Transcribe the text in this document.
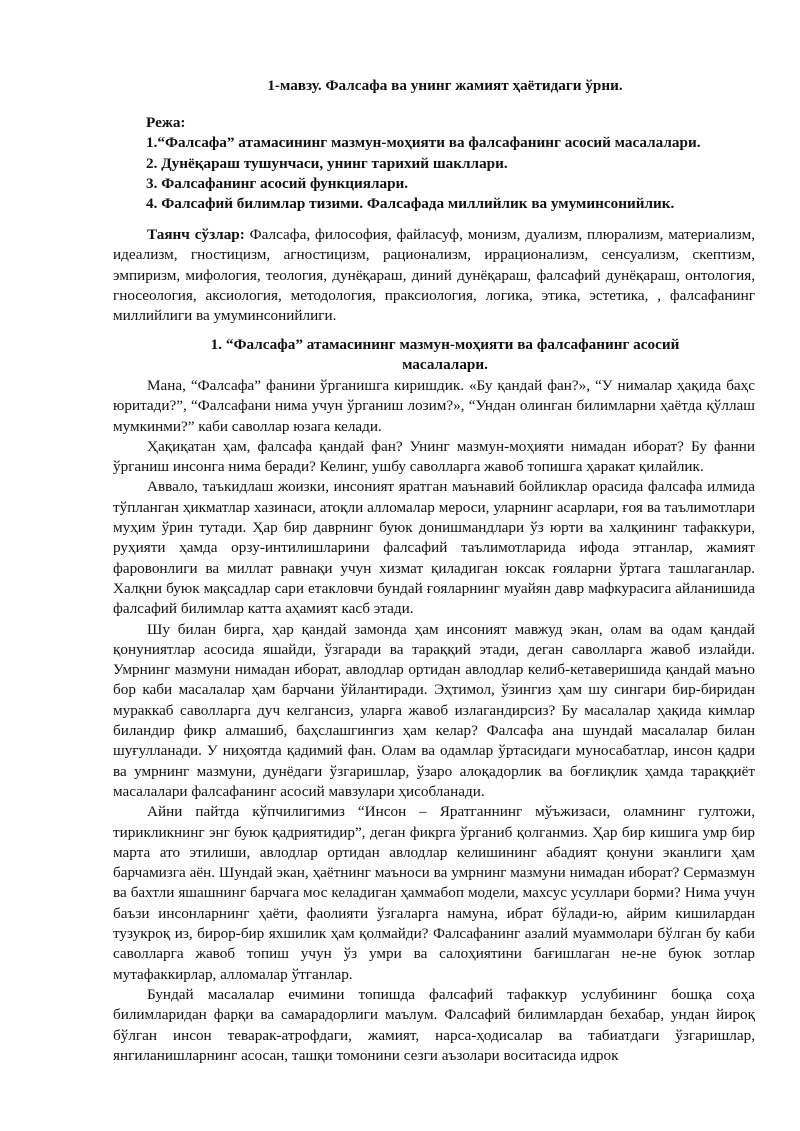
1-мавзу. Фалсафа ва унинг жамият ҳаётидаги ўрни.
Режа:
1.“Фалсафа” атамасининг мазмун-моҳияти ва фалсафанинг асосий масалалари.
2. Дунёқараш тушунчаси, унинг тарихий шакллари.
3. Фалсафанинг асосий функциялари.
4. Фалсафий билимлар тизими. Фалсафада миллийлик ва умуминсонийлик.

Таянч сўзлар: Фалсафа, философия, файласуф, монизм, дуализм, плюрализм, материализм, идеализм, гностицизм, агностицизм, рационализм, иррационализм, сенсуализм, скептизм, эмпиризм, мифология, теология, дунёқараш, диний дунёқараш, фалсафий дунёқараш, онтология, гносеология, аксиология, методология, праксиология, логика, этика, эстетика, , фалсафанинг миллийлиги ва умуминсонийлиги.

1. “Фалсафа” атамасининг мазмун-моҳияти ва фалсафанинг асосий масалалари.

Мана, “Фалсафа” фанини ўрганишга киришдик. «Бу қандай фан?», “У нималар ҳақида баҳс юритади?”, “Фалсафани нима учун ўрганиш лозим?», “Ундан олинган билимларни ҳаётда қўллаш мумкинми?” каби саволлар юзага келади.

Ҳақиқатан ҳам, фалсафа қандай фан? Унинг мазмун-моҳияти нимадан иборат? Бу фанни ўрганиш инсонга нима беради? Келинг, ушбу саволларга жавоб топишга ҳаракат қилайлик.

Аввало, таъкидлаш жоизки, инсоният яратган маънавий бойликлар орасида фалсафа илмида тўпланган ҳикматлар хазинаси, атоқли алломалар мероси, уларнинг асарлари, ғоя ва таълимотлари муҳим ўрин тутади. Ҳар бир даврнинг буюк донишмандлари ўз юрти ва халқининг тафаккури, руҳияти ҳамда орзу-интилишларини фалсафий таълимотларида ифода этганлар, жамият фаровонлиги ва миллат равнақи учун хизмат қиладиган юксак ғояларни ўртага ташлаганлар. Халқни буюк мақсадлар сари етакловчи бундай ғояларнинг муайян давр мафкурасига айланишида фалсафий билимлар катта аҳамият касб этади.

Шу билан бирга, ҳар қандай замонда ҳам инсоният мавжуд экан, олам ва одам қандай қонуниятлар асосида яшайди, ўзгаради ва тараққий этади, деган саволларга жавоб излайди. Умрнинг мазмуни нимадан иборат, авлодлар ортидан авлодлар келиб-кетаверишида қандай маъно бор каби масалалар ҳам барчани ўйлантиради. Эҳтимол, ўзингиз ҳам шу сингари бир-биридан мураккаб саволларга дуч келгансиз, уларга жавоб излагандирсиз? Бу масалалар ҳақида кимлар биландир фикр алмашиб, баҳслашгингиз ҳам келар? Фалсафа ана шундай масалалар билан шуғулланади. У ниҳоятда қадимий фан. Олам ва одамлар ўртасидаги муносабатлар, инсон қадри ва умрнинг мазмуни, дунёдаги ўзгаришлар, ўзаро алоқадорлик ва боғлиқлик ҳамда тараққиёт масалалари фалсафанинг асосий мавзулари ҳисобланади.

Айни пайтда кўпчилигимиз “Инсон – Яратганнинг мўъжизаси, оламнинг гултожи, тирикликнинг энг буюк қадриятидир”, деган фикрга ўрганиб қолганмиз. Ҳар бир кишига умр бир марта ато этилиши, авлодлар ортидан авлодлар келишининг абадият қонуни эканлиги ҳам барчамизга аён. Шундай экан, ҳаётнинг маъноси ва умрнинг мазмуни нимадан иборат? Сермазмун ва бахтли яшашнинг барчага мос келадиган ҳаммабоп модели, махсус усуллари борми? Нима учун баъзи инсонларнинг ҳаёти, фаолияти ўзгаларга намуна, ибрат бўлади-ю, айрим кишилардан тузукроқ из, бирор-бир яхшилик ҳам қолмайди? Фалсафанинг азалий муаммолари бўлган бу каби саволларга жавоб топиш учун ўз умри ва салоҳиятини бағишлаган не-не буюк зотлар мутафаккирлар, алломалар ўтганлар.

Бундай масалалар ечимини топишда фалсафий тафаккур услубининг бошқа соҳа билимларидан фарқи ва самарадорлиги маълум. Фалсафий билимлардан бехабар, ундан йироқ бўлган инсон теварак-атрофдаги, жамият, нарса-ҳодисалар ва табиатдаги ўзгаришлар, янгиланишларнинг асосан, ташқи томонини сезги аъзолари воситасида идрок
